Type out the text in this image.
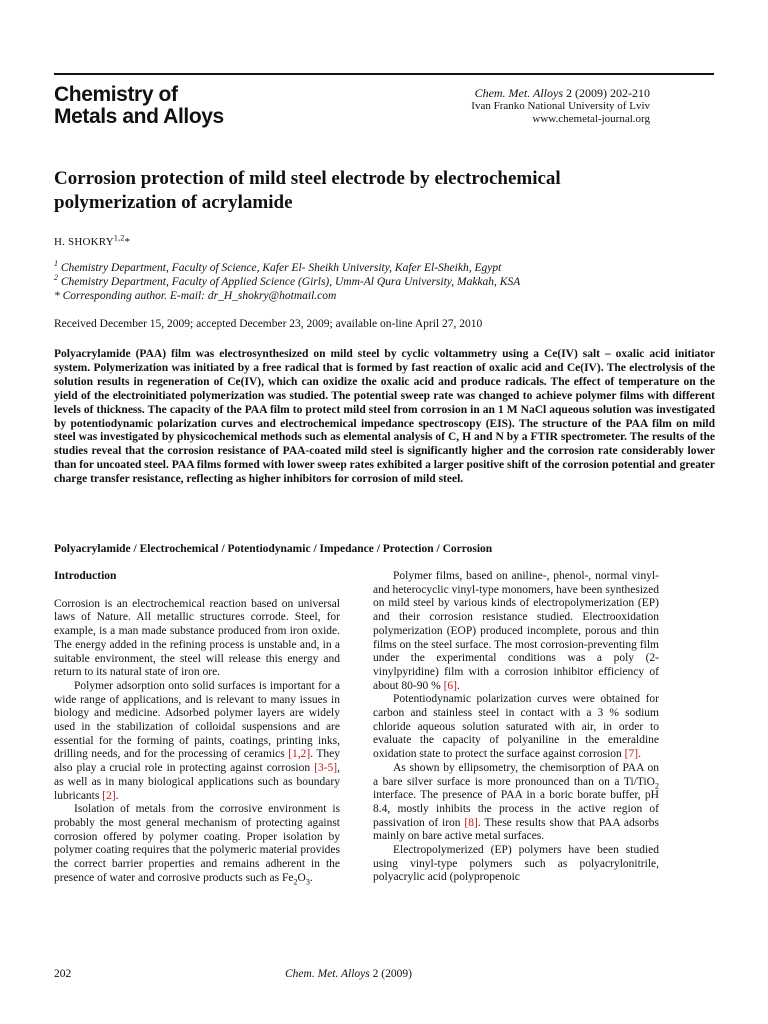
Chemistry of
Metals and Alloys
Chem. Met. Alloys 2 (2009) 202-210
Ivan Franko National University of Lviv
www.chemetal-journal.org
Corrosion protection of mild steel electrode by electrochemical polymerization of acrylamide
H. SHOKRY$^{1,2}$*
$^1$ Chemistry Department, Faculty of Science, Kafer El- Sheikh University, Kafer El-Sheikh, Egypt
$^2$ Chemistry Department, Faculty of Applied Science (Girls), Umm-Al Qura University, Makkah, KSA
* Corresponding author. E-mail: dr_H_shokry@hotmail.com
Received December 15, 2009; accepted December 23, 2009; available on-line April 27, 2010
Polyacrylamide (PAA) film was electrosynthesized on mild steel by cyclic voltammetry using a Ce(IV) salt – oxalic acid initiator system. Polymerization was initiated by a free radical that is formed by fast reaction of oxalic acid and Ce(IV). The electrolysis of the solution results in regeneration of Ce(IV), which can oxidize the oxalic acid and produce radicals. The effect of temperature on the yield of the electroinitiated polymerization was studied. The potential sweep rate was changed to achieve polymer films with different levels of thickness. The capacity of the PAA film to protect mild steel from corrosion in an 1 M NaCl aqueous solution was investigated by potentiodynamic polarization curves and electrochemical impedance spectroscopy (EIS). The structure of the PAA film on mild steel was investigated by physicochemical methods such as elemental analysis of C, H and N by a FTIR spectrometer. The results of the studies reveal that the corrosion resistance of PAA-coated mild steel is significantly higher and the corrosion rate considerably lower than for uncoated steel. PAA films formed with lower sweep rates exhibited a larger positive shift of the corrosion potential and greater charge transfer resistance, reflecting as higher inhibitors for corrosion of mild steel.
Polyacrylamide / Electrochemical / Potentiodynamic / Impedance / Protection / Corrosion
Introduction

Corrosion is an electrochemical reaction based on universal laws of Nature. All metallic structures corrode. Steel, for example, is a man made substance produced from iron oxide. The energy added in the refining process is unstable and, in a suitable environment, the steel will release this energy and return to its natural state of iron ore.

Polymer adsorption onto solid surfaces is important for a wide range of applications, and is relevant to many issues in biology and medicine. Adsorbed polymer layers are widely used in the stabilization of colloidal suspensions and are essential for the forming of paints, coatings, printing inks, drilling needs, and for the processing of ceramics [1,2]. They also play a crucial role in protecting against corrosion [3-5], as well as in many biological applications such as boundary lubricants [2].

Isolation of metals from the corrosive environment is probably the most general mechanism of protecting against corrosion offered by polymer coating. Proper isolation by polymer coating requires that the polymeric material provides the correct barrier properties and remains adherent in the presence of water and corrosive products such as $Fe_2O_3$.

Polymer films, based on aniline-, phenol-, normal vinyl- and heterocyclic vinyl-type monomers, have been synthesized on mild steel by various kinds of electropolymerization (EP) and their corrosion resistance studied. Electrooxidation polymerization (EOP) produced incomplete, porous and thin films on the steel surface. The most corrosion-preventing film under the experimental conditions was a poly (2-vinylpyridine) film with a corrosion inhibitor efficiency of about 80-90 % [6].

Potentiodynamic polarization curves were obtained for carbon and stainless steel in contact with a 3 % sodium chloride aqueous solution saturated with air, in order to evaluate the capacity of polyaniline in the emeraldine oxidation state to protect the surface against corrosion [7].

As shown by ellipsometry, the chemisorption of PAA on a bare silver surface is more pronounced than on a Ti/TiO$_2$ interface. The presence of PAA in a boric borate buffer, pH 8.4, mostly inhibits the process in the active region of passivation of iron [8]. These results show that PAA adsorbs mainly on bare active metal surfaces.

Electropolymerized (EP) polymers have been studied using vinyl-type polymers such as polyacrylonitrile, polyacrylic acid (polypropenoic

202	Chem. Met. Alloys 2 (2009)
